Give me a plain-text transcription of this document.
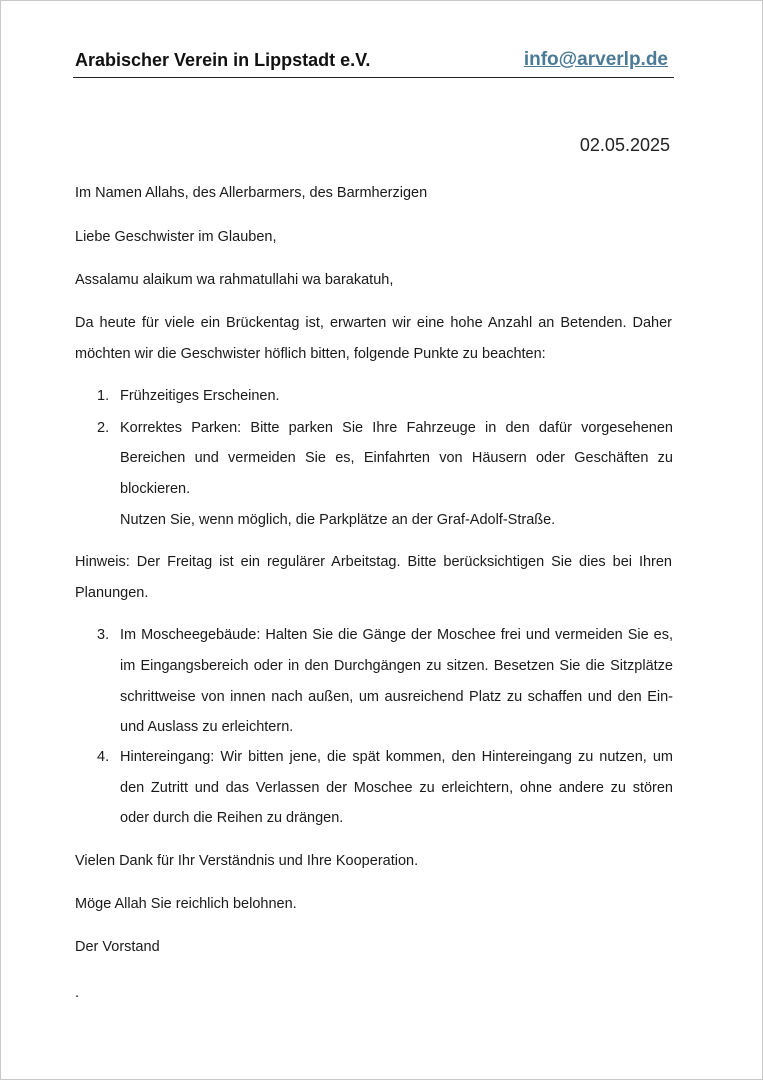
Arabischer Verein in Lippstadt e.V.	info@arverlp.de
02.05.2025
Im Namen Allahs, des Allerbarmers, des Barmherzigen
Liebe Geschwister im Glauben,
Assalamu alaikum wa rahmatullahi wa barakatuh,
Da heute für viele ein Brückentag ist, erwarten wir eine hohe Anzahl an Betenden. Daher
möchten wir die Geschwister höflich bitten, folgende Punkte zu beachten:
1. Frühzeitiges Erscheinen.
2. Korrektes Parken: Bitte parken Sie Ihre Fahrzeuge in den dafür vorgesehenen
Bereichen und vermeiden Sie es, Einfahrten von Häusern oder Geschäften zu
blockieren.
Nutzen Sie, wenn möglich, die Parkplätze an der Graf-Adolf-Straße.
Hinweis: Der Freitag ist ein regulärer Arbeitstag. Bitte berücksichtigen Sie dies bei Ihren
Planungen.
3. Im Moscheegebäude: Halten Sie die Gänge der Moschee frei und vermeiden Sie es,
im Eingangsbereich oder in den Durchgängen zu sitzen. Besetzen Sie die Sitzplätze
schrittweise von innen nach außen, um ausreichend Platz zu schaffen und den Ein-
und Auslass zu erleichtern.
4. Hintereingang: Wir bitten jene, die spät kommen, den Hintereingang zu nutzen, um
den Zutritt und das Verlassen der Moschee zu erleichtern, ohne andere zu stören
oder durch die Reihen zu drängen.
Vielen Dank für Ihr Verständnis und Ihre Kooperation.
Möge Allah Sie reichlich belohnen.
Der Vorstand
.
